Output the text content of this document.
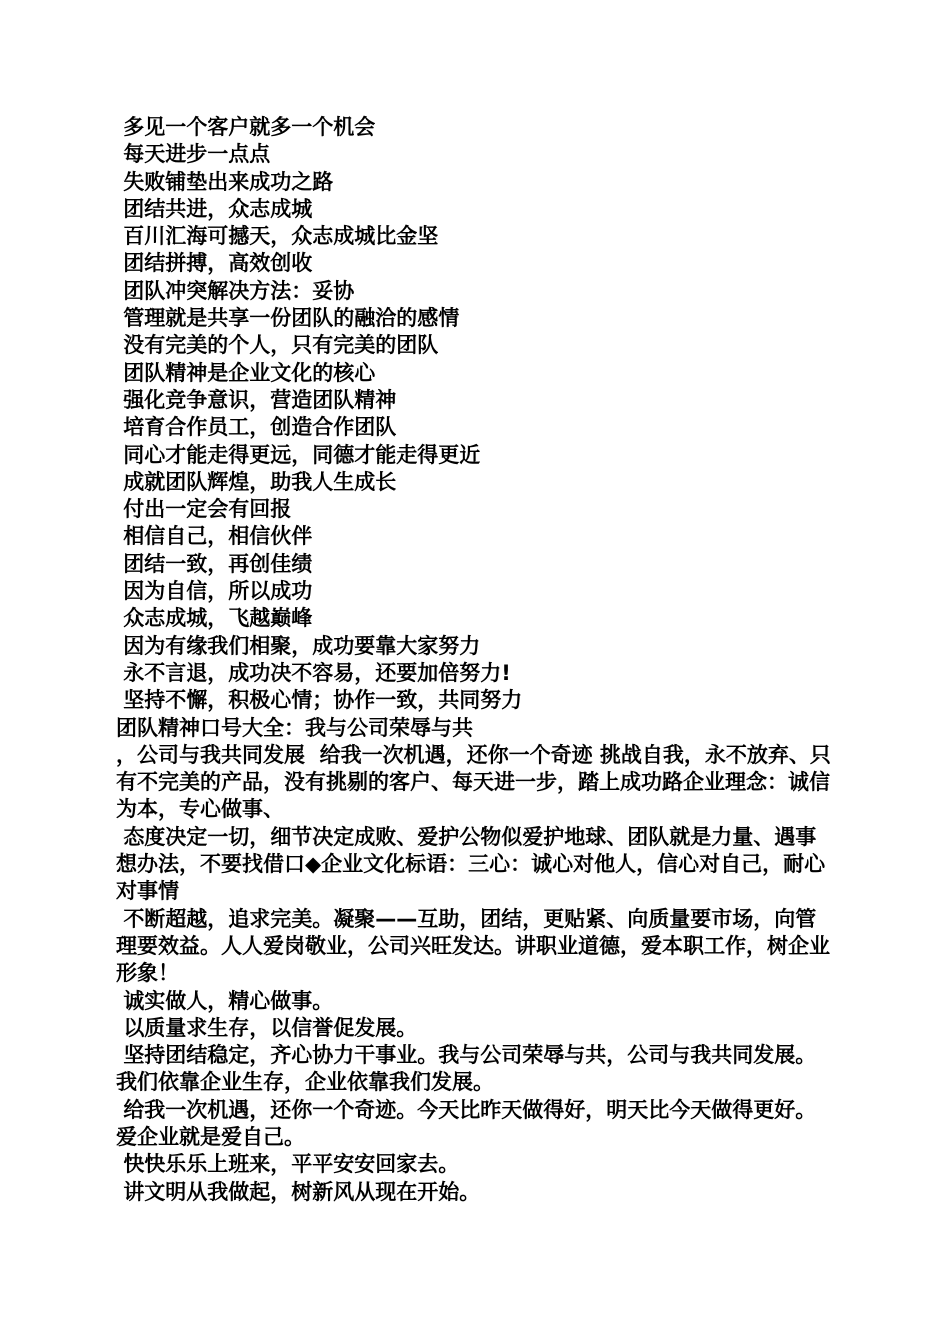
多见一个客户就多一个机会
每天进步一点点
失败铺垫出来成功之路
团结共进，众志成城
百川汇海可撼天，众志成城比金坚
团结拼搏，高效创收
团队冲突解决方法：妥协
管理就是共享一份团队的融洽的感情
没有完美的个人，只有完美的团队
团队精神是企业文化的核心
强化竞争意识，营造团队精神
培育合作员工，创造合作团队
同心才能走得更远，同德才能走得更近
成就团队辉煌，助我人生成长
付出一定会有回报
相信自己，相信伙伴
团结一致，再创佳绩
因为自信，所以成功
众志成城，飞越巅峰
因为有缘我们相聚，成功要靠大家努力
永不言退，成功决不容易，还要加倍努力!
坚持不懈，积极心情；协作一致，共同努力
团队精神口号大全：我与公司荣辱与共

，公司与我共同发展  给我一次机遇，还你一个奇迹 挑战自我，永不放弃、只有不完美的产品，没有挑剔的客户、每天进一步，踏上成功路企业理念：诚信为本，专心做事、

态度决定一切，细节决定成败、爱护公物似爱护地球、团队就是力量、遇事想办法，不要找借口◆企业文化标语：三心：诚心对他人，信心对自己，耐心对事情

不断超越，追求完美。凝聚——互助，团结，更贴紧、向质量要市场，向管理要效益。人人爱岗敬业，公司兴旺发达。讲职业道德，爱本职工作，树企业形象！

诚实做人，精心做事。

以质量求生存，以信誉促发展。

坚持团结稳定，齐心协力干事业。我与公司荣辱与共，公司与我共同发展。我们依靠企业生存，企业依靠我们发展。

给我一次机遇，还你一个奇迹。今天比昨天做得好，明天比今天做得更好。爱企业就是爱自己。

快快乐乐上班来，平平安安回家去。

讲文明从我做起，树新风从现在开始。
